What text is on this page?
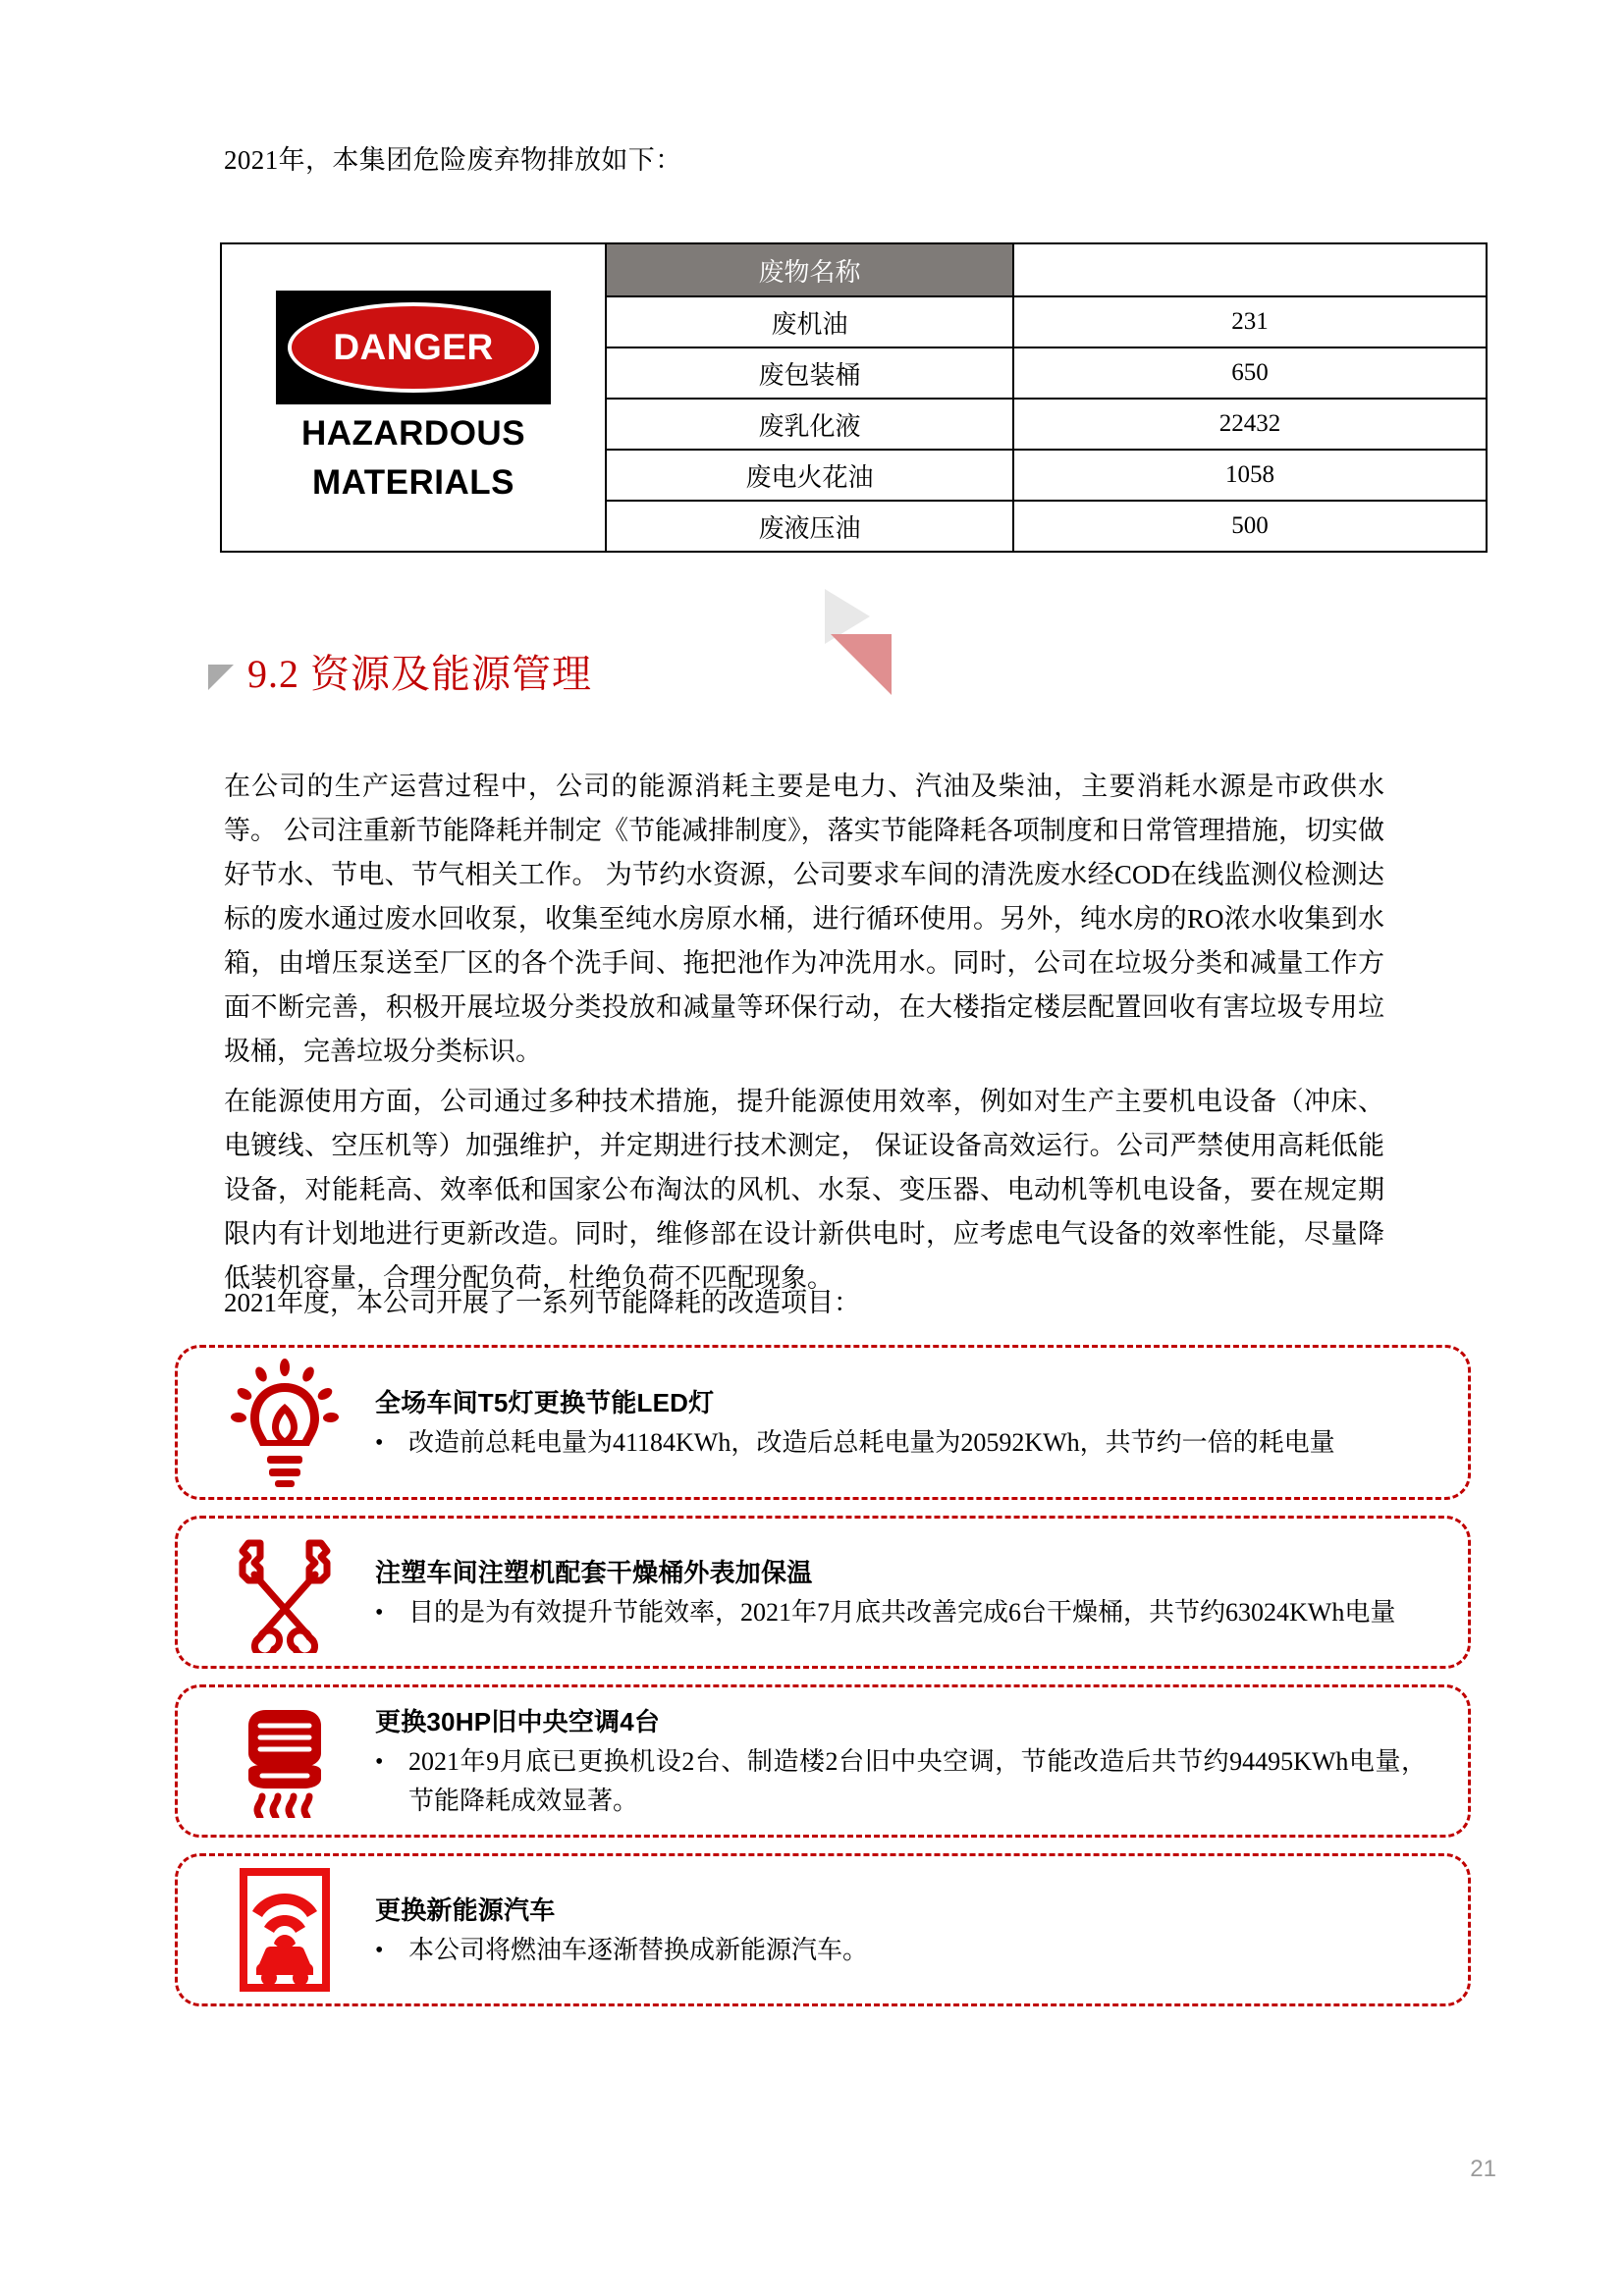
2021年，本集团危险废弃物排放如下：
DANGER
HAZARDOUS
MATERIALS	废物名称	产生量总计(公斤)
	废机油	231
	废包装桶	650
	废乳化液	22432
	废电火花油	1058
	废液压油	500
9.2 资源及能源管理
在公司的生产运营过程中，公司的能源消耗主要是电力、汽油及柴油，主要消耗水源是市政供水等。 公司注重新节能降耗并制定《节能减排制度》，落实节能降耗各项制度和日常管理措施，切实做好节水、节电、节气相关工作。 为节约水资源，公司要求车间的清洗废水经COD在线监测仪检测达标的废水通过废水回收泵，收集至纯水房原水桶，进行循环使用。另外，纯水房的RO浓水收集到水箱，由增压泵送至厂区的各个洗手间、拖把池作为冲洗用水。同时，公司在垃圾分类和减量工作方面不断完善，积极开展垃圾分类投放和减量等环保行动，在大楼指定楼层配置回收有害垃圾专用垃圾桶，完善垃圾分类标识。
在能源使用方面，公司通过多种技术措施，提升能源使用效率，例如对生产主要机电设备（冲床、电镀线、空压机等）加强维护，并定期进行技术测定， 保证设备高效运行。公司严禁使用高耗低能设备，对能耗高、效率低和国家公布淘汰的风机、水泵、变压器、电动机等机电设备，要在规定期限内有计划地进行更新改造。同时，维修部在设计新供电时，应考虑电气设备的效率性能，尽量降低装机容量，合理分配负荷，杜绝负荷不匹配现象。
2021年度，本公司开展了一系列节能降耗的改造项目：
全场车间T5灯更换节能LED灯
• 改造前总耗电量为41184KWh，改造后总耗电量为20592KWh，共节约一倍的耗电量
注塑车间注塑机配套干燥桶外表加保温
• 目的是为有效提升节能效率，2021年7月底共改善完成6台干燥桶，共节约63024KWh电量
更换30HP旧中央空调4台
• 2021年9月底已更换机设2台、制造楼2台旧中央空调，节能改造后共节约94495KWh电量，节能降耗成效显著。
更换新能源汽车
• 本公司将燃油车逐渐替换成新能源汽车。
21
